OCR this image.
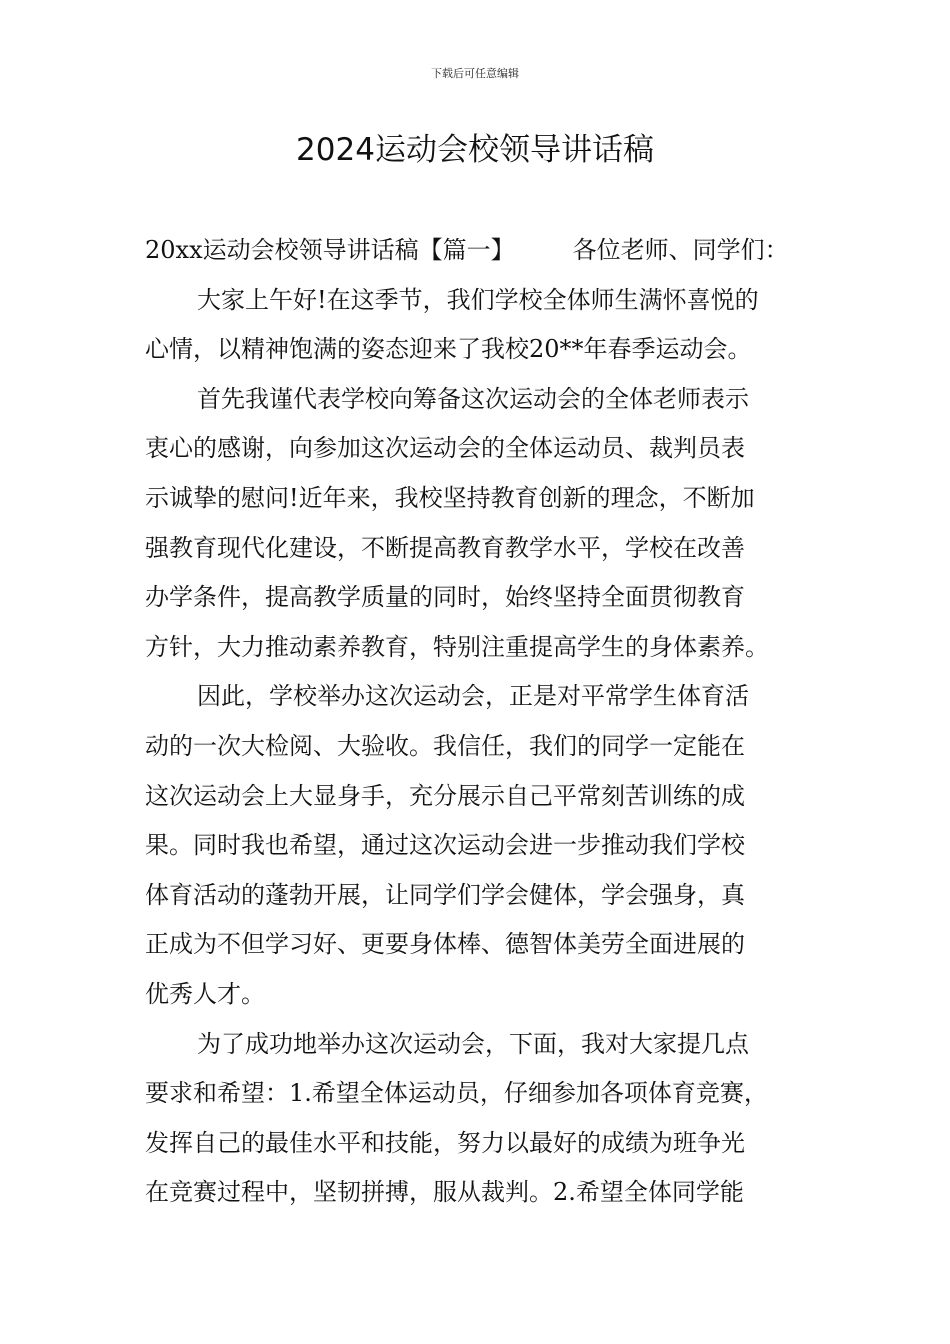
下载后可任意编辑
2024运动会校领导讲话稿
20xx运动会校领导讲话稿【篇一】 各位老师、同学们：
大家上午好!在这季节，我们学校全体师生满怀喜悦的
心情，以精神饱满的姿态迎来了我校20**年春季运动会。
首先我谨代表学校向筹备这次运动会的全体老师表示
衷心的感谢，向参加这次运动会的全体运动员、裁判员表
示诚挚的慰问!近年来，我校坚持教育创新的理念，不断加
强教育现代化建设，不断提高教育教学水平，学校在改善
办学条件，提高教学质量的同时，始终坚持全面贯彻教育
方针，大力推动素养教育，特别注重提高学生的身体素养。
因此，学校举办这次运动会，正是对平常学生体育活
动的一次大检阅、大验收。我信任，我们的同学一定能在
这次运动会上大显身手，充分展示自己平常刻苦训练的成
果。同时我也希望，通过这次运动会进一步推动我们学校
体育活动的蓬勃开展，让同学们学会健体，学会强身，真
正成为不但学习好、更要身体棒、德智体美劳全面进展的
优秀人才。
为了成功地举办这次运动会，下面，我对大家提几点
要求和希望：1.希望全体运动员，仔细参加各项体育竞赛，
发挥自己的最佳水平和技能，努力以最好的成绩为班争光
在竞赛过程中，坚韧拼搏，服从裁判。2.希望全体同学能
